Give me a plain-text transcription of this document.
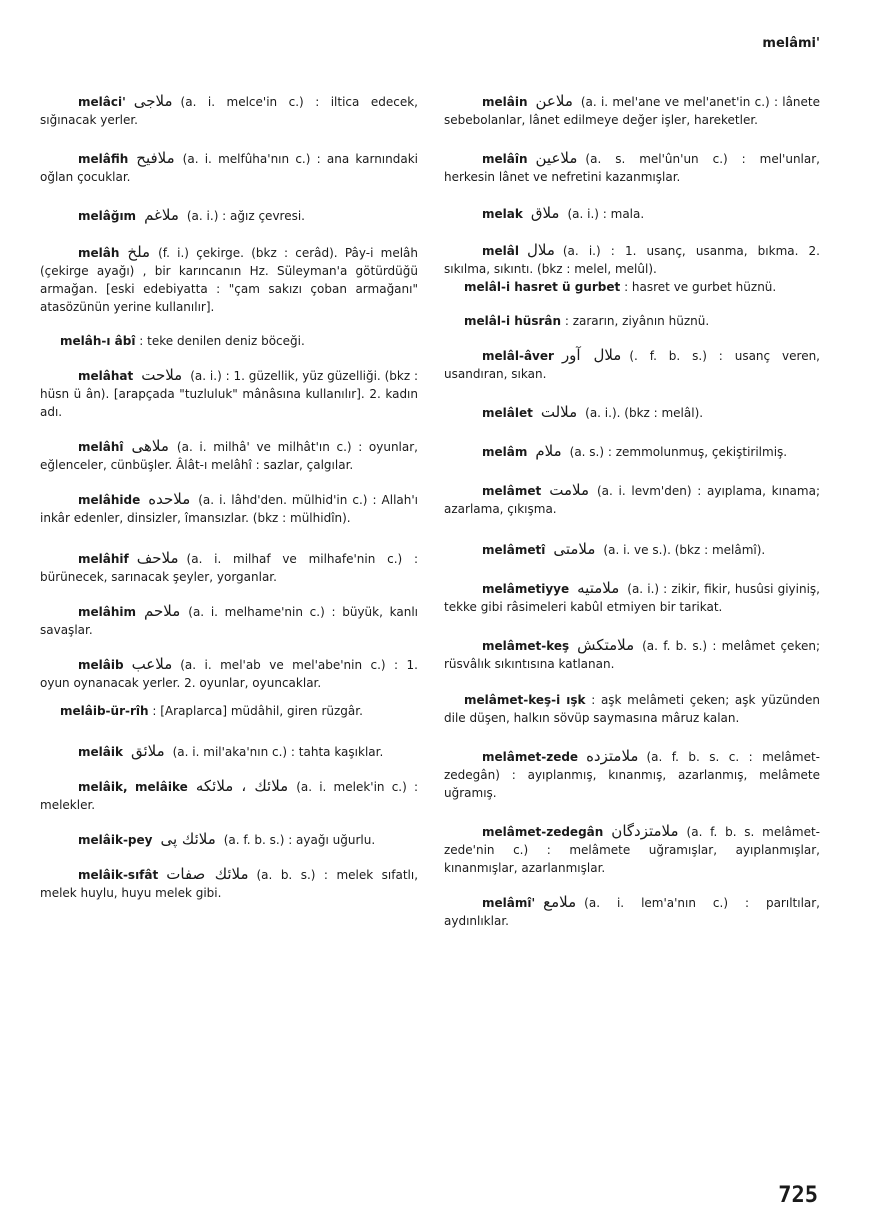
melâmi'

melâci' ملاجی (a. i. melce'in c.) : iltica edecek, sığınacak yerler.

melâfih ملافیح (a. i. melfûha'nın c.) : ana karnındaki oğlan çocuklar.

melâğım ملاغم (a. i.) : ağız çevresi.

melâh ملخ (f. i.) çekirge. (bkz : cerâd). Pây-i melâh (çekirge ayağı) , bir karıncanın Hz. Süleyman'a götürdüğü armağan. [eski edebiyatta : "çam sakızı çoban armağanı" atasözünün yerine kullanılır].

melâh-ı âbî : teke denilen deniz böceği.

melâhat ملاحت (a. i.) : 1. güzellik, yüz güzelliği. (bkz : hüsn ü ân). [arapçada "tuzluluk" mânâsına kullanılır]. 2. kadın adı.

melâhî ملاهی (a. i. milhâ' ve milhât'ın c.) : oyunlar, eğlenceler, cünbüşler. Âlât-ı melâhî : sazlar, çalgılar.

melâhide ملاحده (a. i. lâhd'den. mülhid'in c.) : Allah'ı inkâr edenler, dinsizler, îmansızlar. (bkz : mülhidîn).

melâhif ملاحف (a. i. milhaf ve milhafe'nin c.) : bürünecek, sarınacak şeyler, yorganlar.

melâhim ملاحم (a. i. melhame'nin c.) : büyük, kanlı savaşlar.

melâib ملاعب (a. i. mel'ab ve mel'abe'nin c.) : 1. oyun oynanacak yerler. 2. oyunlar, oyuncaklar.

melâib-ür-rîh : [Araplarca] müdâhil, giren rüzgâr.

melâik ملائق (a. i. mil'aka'nın c.) : tahta kaşıklar.

melâik, melâike ملائك ، ملائکه (a. i. melek'in c.) : melekler.

melâik-pey ملائك پی (a. f. b. s.) : ayağı uğurlu.

melâik-sıfât ملائك صفات (a. b. s.) : melek sıfatlı, melek huylu, huyu melek gibi.

melâin ملاعن (a. i. mel'ane ve mel'anet'in c.) : lânete sebebolanlar, lânet edilmeye değer işler, hareketler.

melâîn ملاعين (a. s. mel'ûn'un c.) : mel'unlar, herkesin lânet ve nefretini kazanmışlar.

melak ملاق (a. i.) : mala.

melâl ملال (a. i.) : 1. usanç, usanma, bıkma. 2. sıkılma, sıkıntı. (bkz : melel, melûl).

melâl-i hasret ü gurbet : hasret ve gurbet hüznü.

melâl-i hüsrân : zararın, ziyânın hüznü.

melâl-âver ملال آور (. f. b. s.) : usanç veren, usandıran, sıkan.

melâlet ملالت (a. i.). (bkz : melâl).

melâm ملام (a. s.) : zemmolunmuş, çekiştirilmiş.

melâmet ملامت (a. i. levm'den) : ayıplama, kınama; azarlama, çıkışma.

melâmetî ملامتی (a. i. ve s.). (bkz : melâmî).

melâmetiyye ملامتیه (a. i.) : zikir, fikir, husûsi giyiniş, tekke gibi râsimeleri kabûl etmiyen bir tarikat.

melâmet-keş ملامتکش (a. f. b. s.) : melâmet çeken; rüsvâlık sıkıntısına katlanan.

melâmet-keş-i ışk : aşk melâmeti çeken; aşk yüzünden dile düşen, halkın sövüp saymasına mâruz kalan.

melâmet-zede ملامتزده (a. f. b. s. c. : melâmet-zedegân) : ayıplanmış, kınanmış, azarlanmış, melâmete uğramış.

melâmet-zedegân ملامتزدگان (a. f. b. s. melâmet-zede'nin c.) : melâmete uğramışlar, ayıplanmışlar, kınanmışlar, azarlanmışlar.

melâmî' ملامع (a. i. lem'a'nın c.) : parıltılar, aydınlıklar.

725
